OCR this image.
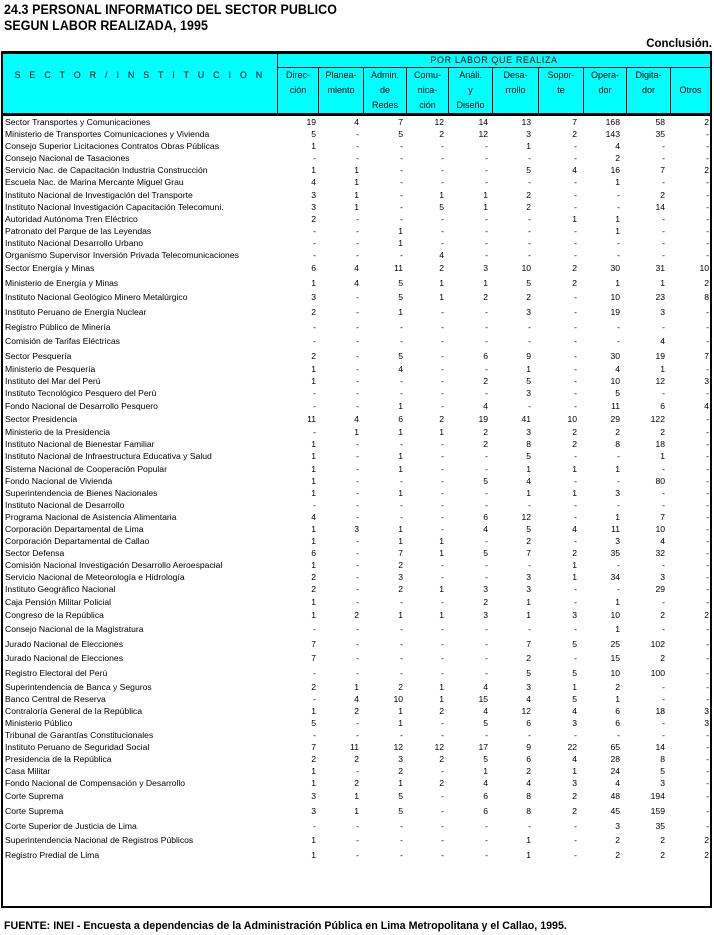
24.3 PERSONAL INFORMATICO DEL SECTOR PUBLICO
SEGUN LABOR REALIZADA, 1995
Conclusión.
S E C T O R / I N S T I T U C I O N
POR LABOR QUE REALIZA
Direc-
ción
Planea-
miento
Admin.
de
Redes
Comu-
nica-
ción
Análi.
y
Diseño
Desa-
rrollo
Sopor-
te
Opera-
dor
Digita-
dor
	Otros
Sector Transportes y Comunicaciones	19	4	7	12	14	13	7	168	58	2
Ministerio de Transportes Comunicaciones y Vivienda	5	-	5	2	12	3	2	143	35	-
Consejo Superior Licitaciones Contratos Obras Públicas	1	-	-	-	-	1	-	4	-	-
Consejo Nacional de Tasaciones	-	-	-	-	-	-	-	2	-	-
Servicio Nac. de Capacitación Industria Construcción	1	1	-	-	-	5	4	16	7	2
Escuela Nac. de Marina Mercante Miguel Grau	4	1	-	-	-	-	-	1	-	-
Instituto Nacional de Investigación del Transporte	3	1	-	1	1	2	-	-	2	-
Instituto Nacional Investigación Capacitación Telecomuni.	3	1	-	5	1	2	-	-	14	-
Autoridad Autónoma Tren Eléctrico	2	-	-	-	-	-	1	1	-	-
Patronato del Parque de las Leyendas	-	-	1	-	-	-	-	1	-	-
Instituto Nacional Desarrollo Urbano	-	-	1	-	-	-	-	-	-	-
Organismo Supervisor Inversión Privada Telecomunicaciones	-	-	-	4	-	-	-	-	-	-
Sector Energía y Minas	6	4	11	2	3	10	2	30	31	10
Ministerio de Energía y Minas	1	4	5	1	1	5	2	1	1	2
Instituto Nacional Geológico Minero Metalúrgico	3	-	5	1	2	2	-	10	23	8
Instituto Peruano de Energía Nuclear	2	-	1	-	-	3	-	19	3	-
Registro Público de Minería	-	-	-	-	-	-	-	-	-	-
Comisión de Tarifas Eléctricas	-	-	-	-	-	-	-	-	4	-
Sector Pesquería	2	-	5	-	6	9	-	30	19	7
Ministerio de Pesquería	1	-	4	-	-	1	-	4	1	-
Instituto del Mar del Perú	1	-	-	-	2	5	-	10	12	3
Instituto Tecnológico Pesquero del Perú	-	-	-	-	-	3	-	5	-	-
Fondo Nacional de Desarrollo Pesquero	-	-	1	-	4	-	-	11	6	4
Sector Presidencia	11	4	6	2	19	41	10	29	122	-
Ministerio de la Presidencia	-	1	1	1	2	3	2	2	2	-
Instituto Nacional de Bienestar Familiar	1	-	-	-	2	8	2	8	18	-
Instituto Nacional de Infraestructura Educativa y Salud	1	-	1	-	-	5	-	-	1	-
Sistema Nacional de Cooperación Popular	1	-	1	-	-	1	1	1	-	-
Fondo Nacional de Vivienda	1	-	-	-	5	4	-	-	80	-
Superintendencia de Bienes Nacionales	1	-	1	-	-	1	1	3	-	-
Instituto Nacional de Desarrollo	-	-	-	-	-	-	-	-	-	-
Programa Nacional de Asistencia Alimentaria	4	-	-	-	6	12	-	1	7	-
Corporación Departamental de Lima	1	3	1	-	4	5	4	11	10	-
Corporación Departamental de Callao	1	-	1	1	-	2	-	3	4	-
Sector Defensa	6	-	7	1	5	7	2	35	32	-
Comisión Nacional Investigación Desarrollo Aeroespacial	1	-	2	-	-	-	1	-	-	-
Servicio Nacional de Meteorología e Hidrología	2	-	3	-	-	3	1	34	3	-
Instituto Geográfico Nacional	2	-	2	1	3	3	-	-	29	-
Caja Pensión Militar Policial	1	-	-	-	2	1	-	1	-	-
Congreso de la República	1	2	1	1	3	1	3	10	2	2
Consejo Nacional de la Magistratura	-	-	-	-	-	-	-	1	-	-
Jurado Nacional de Elecciones	7	-	-	-	-	7	5	25	102	-
Jurado Nacional de Elecciones	7	-	-	-	-	2	-	15	2	-
Registro Electoral del Perú	-	-	-	-	-	5	5	10	100	-
Superintendencia de Banca y Seguros	2	1	2	1	4	3	1	2	-	-
Banco Central de Reserva	-	4	10	1	15	4	5	1	-	-
Contraloría General de la República	1	2	1	2	4	12	4	6	18	3
Ministerio Público	5	-	1	-	5	6	3	6	-	3
Tribunal de Garantías Constitucionales	-	-	-	-	-	-	-	-	-	-
Instituto Peruano de Seguridad Social	7	11	12	12	17	9	22	65	14	-
Presidencia de la República	2	2	3	2	5	6	4	28	8	-
Casa Militar	1	-	2	-	1	2	1	24	5	-
Fondo Nacional de Compensación y Desarrollo	1	2	1	2	4	4	3	4	3	-
Corte Suprema	3	1	5	-	6	8	2	48	194	-
Corte Suprema	3	1	5	-	6	8	2	45	159	-
Corte Superior de Justicia de Lima	-	-	-	-	-	-	-	3	35	-
Superintendencia Nacional de Registros Públicos	1	-	-	-	-	1	-	2	2	2
Registro Predial de Lima	1	-	-	-	-	1	-	2	2	2
FUENTE: INEI - Encuesta a dependencias de la Administración Pública en Lima Metropolitana y el Callao, 1995.
